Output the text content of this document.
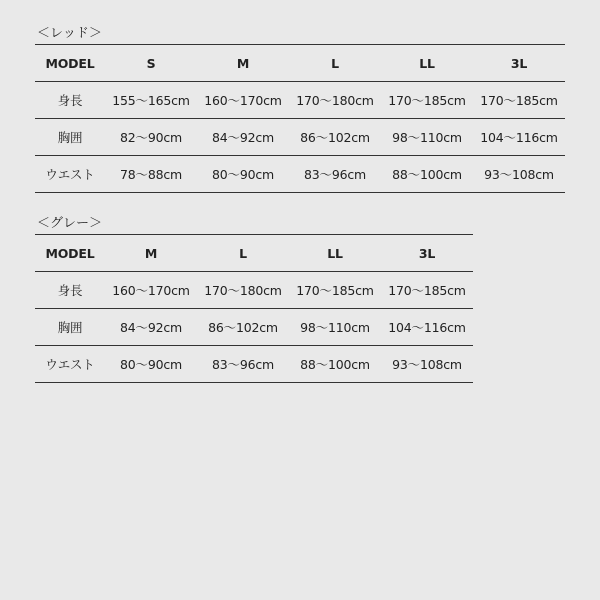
＜レッド＞
MODEL	S	M	L	LL	3L
身長	155〜165cm	160〜170cm	170〜180cm	170〜185cm	170〜185cm
胸囲	82〜90cm	84〜92cm	86〜102cm	98〜110cm	104〜116cm
ウエスト	78〜88cm	80〜90cm	83〜96cm	88〜100cm	93〜108cm
＜グレー＞
MODEL	M	L	LL	3L
身長	160〜170cm	170〜180cm	170〜185cm	170〜185cm
胸囲	84〜92cm	86〜102cm	98〜110cm	104〜116cm
ウエスト	80〜90cm	83〜96cm	88〜100cm	93〜108cm
